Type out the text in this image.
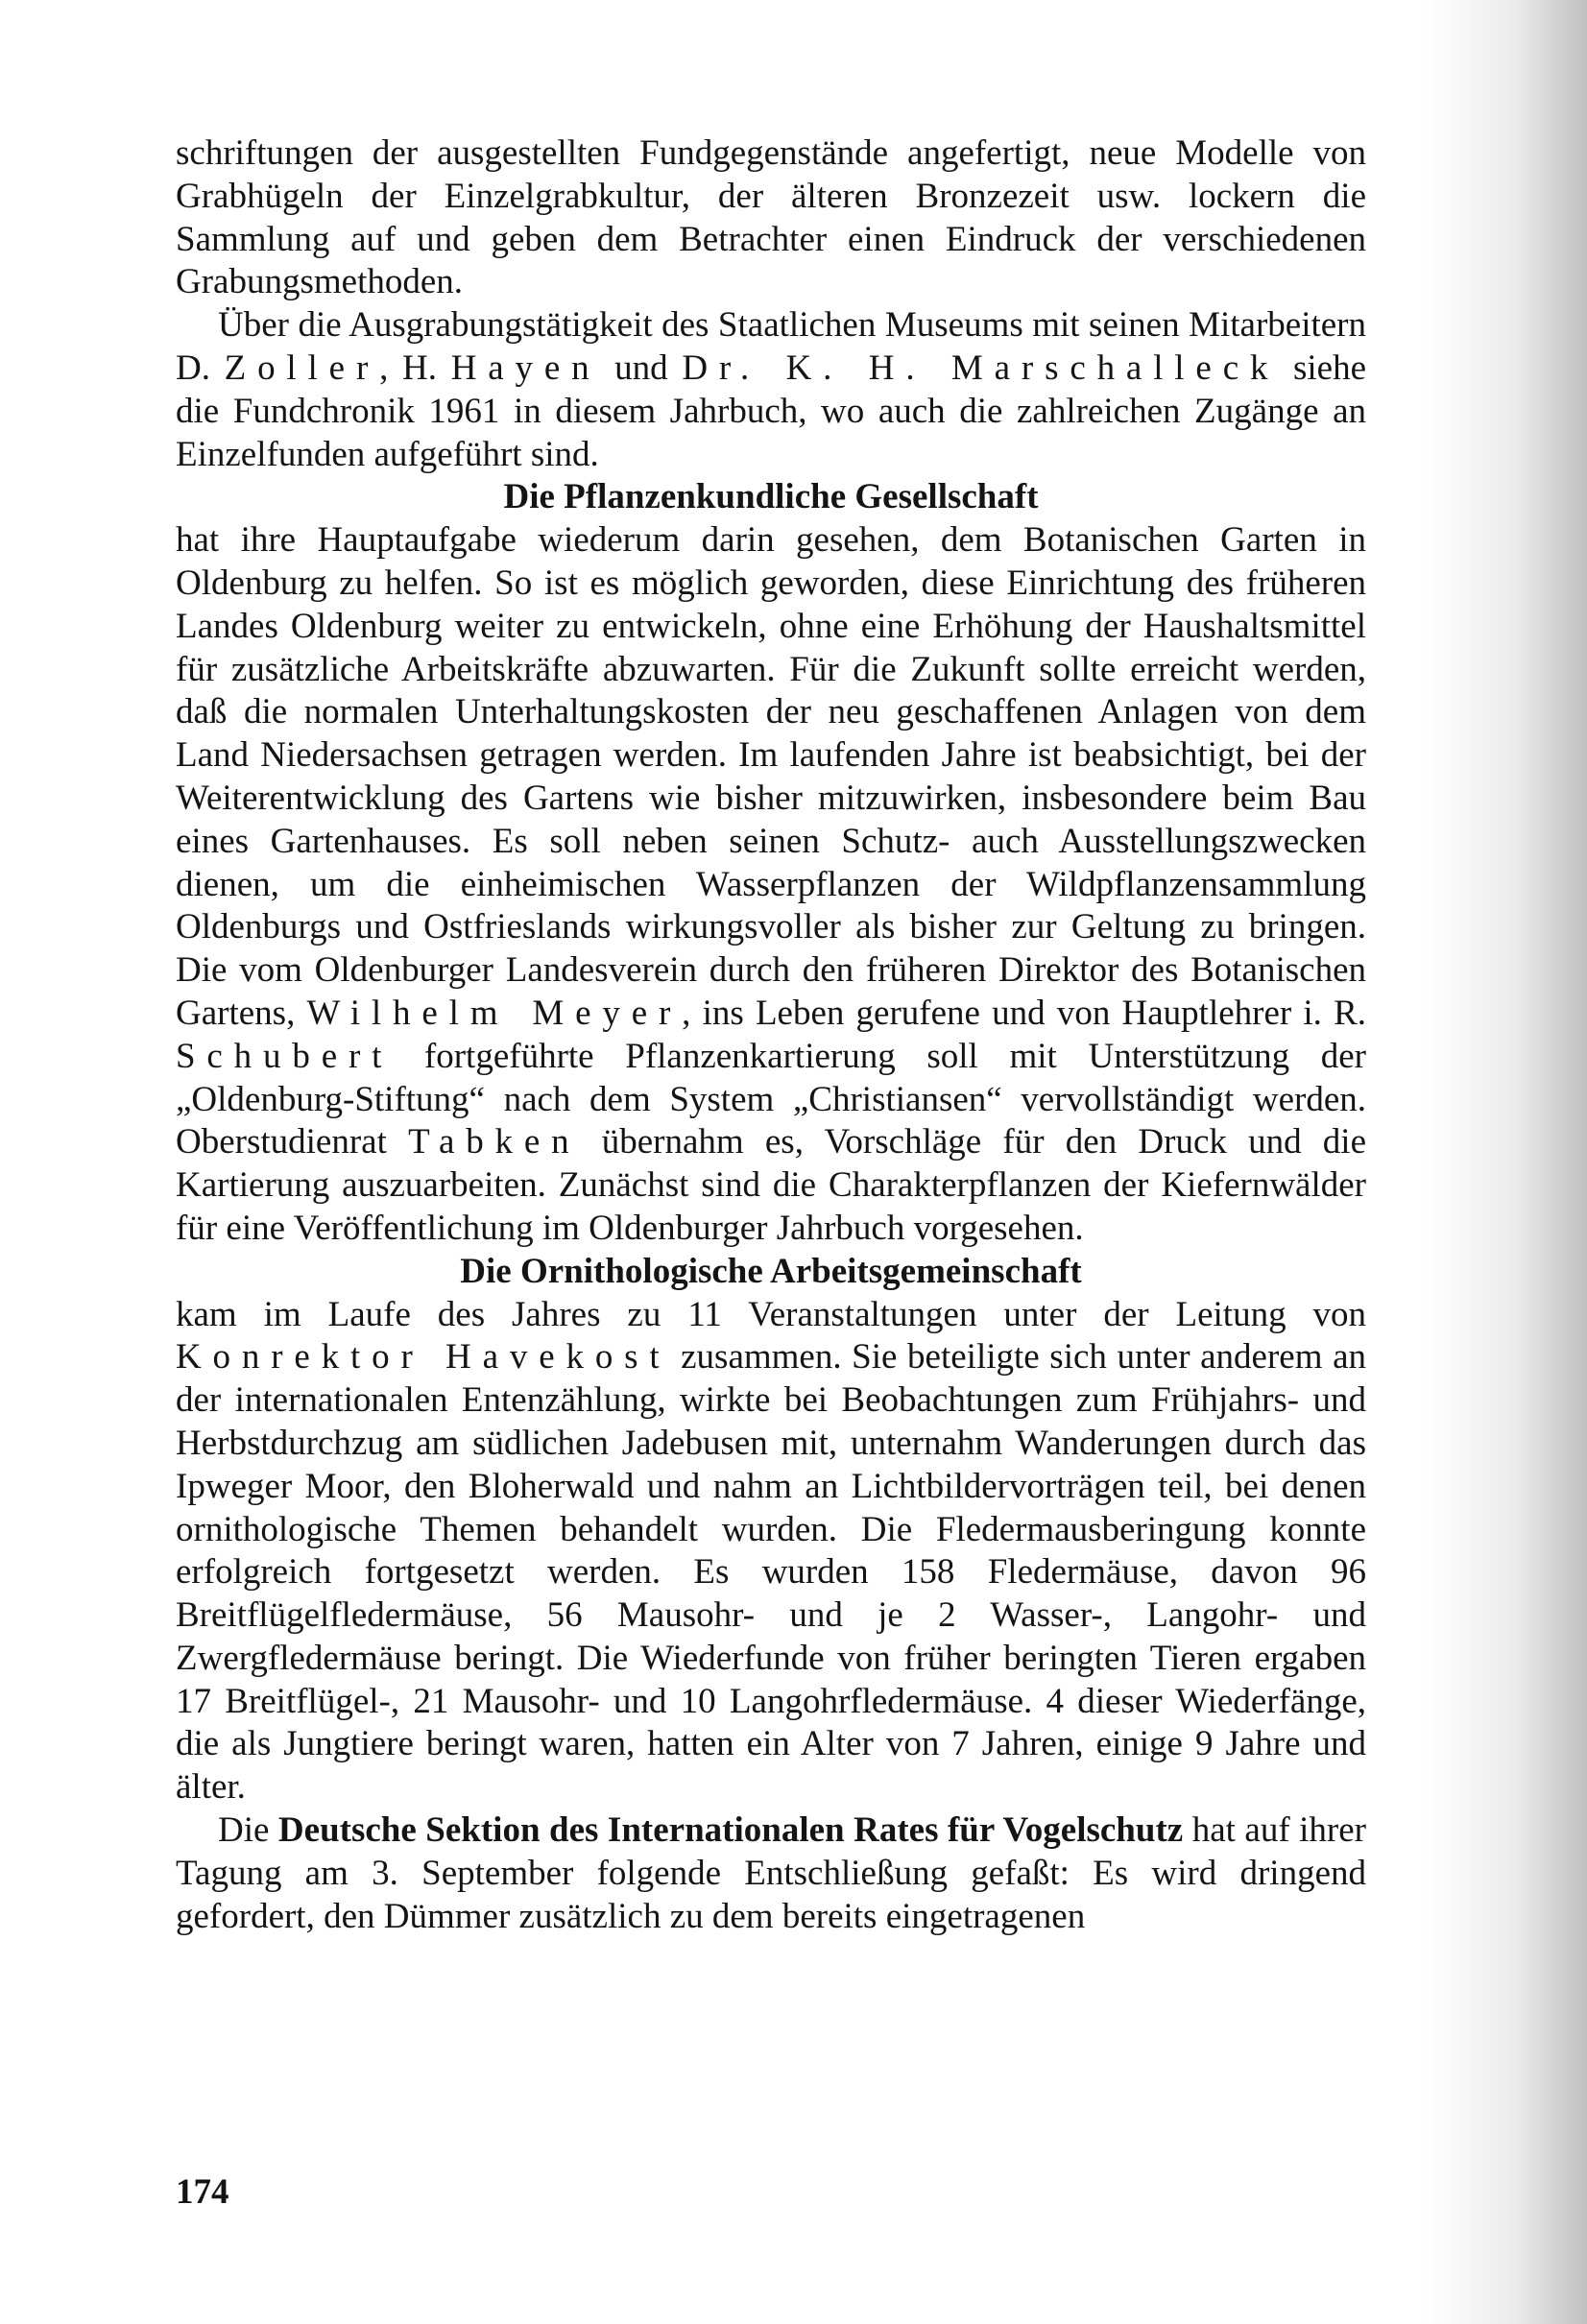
schriftungen der ausgestellten Fundgegenstände angefertigt, neue Modelle von Grabhügeln der Einzelgrabkultur, der älteren Bronzezeit usw. lockern die Sammlung auf und geben dem Betrachter einen Eindruck der verschiedenen Grabungsmethoden.

Über die Ausgrabungstätigkeit des Staatlichen Museums mit seinen Mitarbeitern D. Zoller, H. Hayen und Dr. K. H. Marschalleck siehe die Fundchronik 1961 in diesem Jahrbuch, wo auch die zahlreichen Zugänge an Einzelfunden aufgeführt sind.

Die Pflanzenkundliche Gesellschaft

hat ihre Hauptaufgabe wiederum darin gesehen, dem Botanischen Garten in Oldenburg zu helfen. So ist es möglich geworden, diese Einrichtung des früheren Landes Oldenburg weiter zu entwickeln, ohne eine Erhöhung der Haushaltsmittel für zusätzliche Arbeitskräfte abzuwarten. Für die Zukunft sollte erreicht werden, daß die normalen Unterhaltungskosten der neu geschaffenen Anlagen von dem Land Niedersachsen getragen werden. Im laufenden Jahre ist beabsichtigt, bei der Weiterentwicklung des Gartens wie bisher mitzuwirken, insbesondere beim Bau eines Gartenhauses. Es soll neben seinen Schutz- auch Ausstellungszwecken dienen, um die einheimischen Wasserpflanzen der Wildpflanzensammlung Oldenburgs und Ostfrieslands wirkungsvoller als bisher zur Geltung zu bringen. Die vom Oldenburger Landesverein durch den früheren Direktor des Botanischen Gartens, Wilhelm Meyer, ins Leben gerufene und von Hauptlehrer i. R. Schubert fortgeführte Pflanzenkartierung soll mit Unterstützung der „Oldenburg-Stiftung“ nach dem System „Christiansen“ vervollständigt werden. Oberstudienrat Tabken übernahm es, Vorschläge für den Druck und die Kartierung auszuarbeiten. Zunächst sind die Charakterpflanzen der Kiefernwälder für eine Veröffentlichung im Oldenburger Jahrbuch vorgesehen.

Die Ornithologische Arbeitsgemeinschaft

kam im Laufe des Jahres zu 11 Veranstaltungen unter der Leitung von Konrektor Havekost zusammen. Sie beteiligte sich unter anderem an der internationalen Entenzählung, wirkte bei Beobachtungen zum Frühjahrs- und Herbstdurchzug am südlichen Jadebusen mit, unternahm Wanderungen durch das Ipweger Moor, den Bloherwald und nahm an Lichtbildervorträgen teil, bei denen ornithologische Themen behandelt wurden. Die Fledermausberingung konnte erfolgreich fortgesetzt werden. Es wurden 158 Fledermäuse, davon 96 Breitflügelfledermäuse, 56 Mausohr- und je 2 Wasser-, Langohr- und Zwergfledermäuse beringt. Die Wiederfunde von früher beringten Tieren ergaben 17 Breitflügel-, 21 Mausohr- und 10 Langohrfledermäuse. 4 dieser Wiederfänge, die als Jungtiere beringt waren, hatten ein Alter von 7 Jahren, einige 9 Jahre und älter.

Die Deutsche Sektion des Internationalen Rates für Vogelschutz hat auf ihrer Tagung am 3. September folgende Entschließung gefaßt: Es wird dringend gefordert, den Dümmer zusätzlich zu dem bereits eingetragenen

174
